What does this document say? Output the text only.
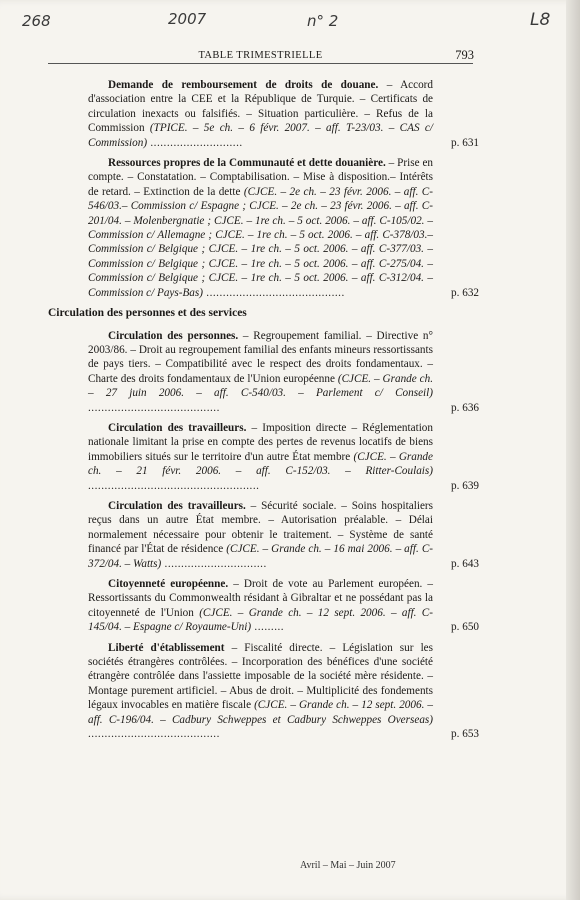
268	2007	n° 2	L8
TABLE TRIMESTRIELLE	793
Demande de remboursement de droits de douane. – Accord d'association entre la CEE et la République de Turquie. – Certificats de circulation inexacts ou falsifiés. – Situation particulière. – Refus de la Commission (TPICE. – 5e ch. – 6 févr. 2007. – aff. T-23/03. – CAS c/ Commission) ............................	p. 631
Ressources propres de la Communauté et dette douanière. – Prise en compte. – Constatation. – Comptabilisation. – Mise à disposition.– Intérêts de retard. – Extinction de la dette (CJCE. – 2e ch. – 23 févr. 2006. – aff. C-546/03.– Commission c/ Espagne ; CJCE. – 2e ch. – 23 févr. 2006. – aff. C-201/04. – Molenbergnatie ; CJCE. – 1re ch. – 5 oct. 2006. – aff. C-105/02. – Commission c/ Allemagne ; CJCE. – 1re ch. – 5 oct. 2006. – aff. C-378/03.– Commission c/ Belgique ; CJCE. – 1re ch. – 5 oct. 2006. – aff. C-377/03. – Commission c/ Belgique ; CJCE. – 1re ch. – 5 oct. 2006. – aff. C-275/04. – Commission c/ Belgique ; CJCE. – 1re ch. – 5 oct. 2006. – aff. C-312/04. – Commission c/ Pays-Bas) ..........................................	p. 632
Circulation des personnes et des services
Circulation des personnes. – Regroupement familial. – Directive n° 2003/86. – Droit au regroupement familial des enfants mineurs ressortissants de pays tiers. – Compatibilité avec le respect des droits fondamentaux. – Charte des droits fondamentaux de l'Union européenne (CJCE. – Grande ch. – 27 juin 2006. – aff. C-540/03. – Parlement c/ Conseil) ........................................	p. 636
Circulation des travailleurs. – Imposition directe – Réglementation nationale limitant la prise en compte des pertes de revenus locatifs de biens immobiliers situés sur le territoire d'un autre État membre (CJCE. – Grande ch. – 21 févr. 2006. – aff. C-152/03. – Ritter-Coulais) ....................................................	p. 639
Circulation des travailleurs. – Sécurité sociale. – Soins hospitaliers reçus dans un autre État membre. – Autorisation préalable. – Délai normalement nécessaire pour obtenir le traitement. – Système de santé financé par l'État de résidence (CJCE. – Grande ch. – 16 mai 2006. – aff. C-372/04. – Watts) ...............................	p. 643
Citoyenneté européenne. – Droit de vote au Parlement européen. – Ressortissants du Commonwealth résidant à Gibraltar et ne possédant pas la citoyenneté de l'Union (CJCE. – Grande ch. – 12 sept. 2006. – aff. C-145/04. – Espagne c/ Royaume-Uni) .........	p. 650
Liberté d'établissement – Fiscalité directe. – Législation sur les sociétés étrangères contrôlées. – Incorporation des bénéfices d'une société étrangère contrôlée dans l'assiette imposable de la société mère résidente. – Montage purement artificiel. – Abus de droit. – Multiplicité des fondements légaux invocables en matière fiscale (CJCE. – Grande ch. – 12 sept. 2006. – aff. C-196/04. – Cadbury Schweppes et Cadbury Schweppes Overseas) ........................................	p. 653
Avril – Mai – Juin 2007
